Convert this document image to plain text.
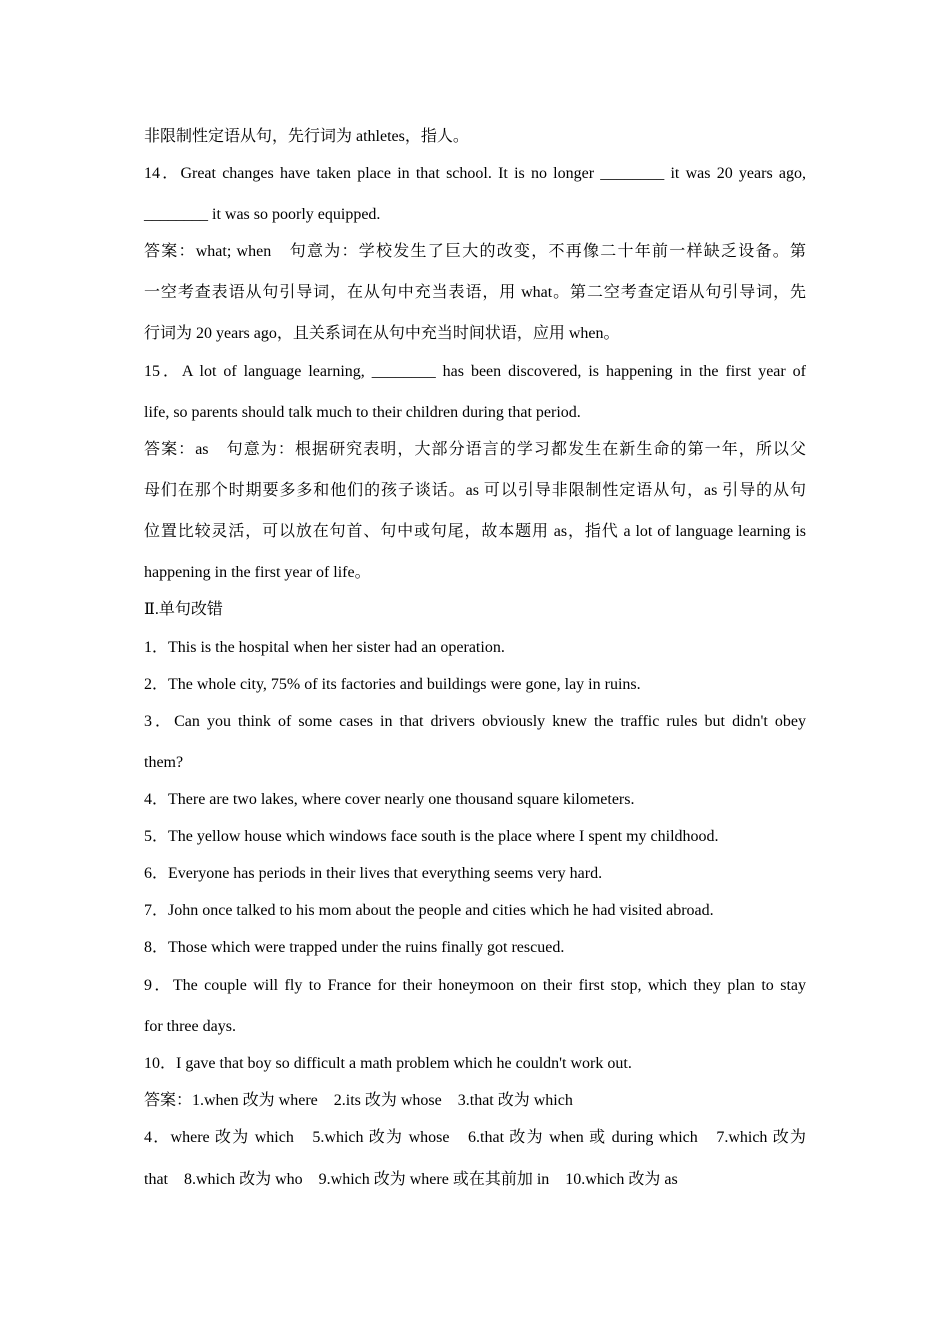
非限制性定语从句，先行词为 athletes，指人。
14．Great changes have taken place in that school. It is no longer ________ it was 20 years ago,
________ it was so poorly equipped.
答案：what; when　句意为：学校发生了巨大的改变，不再像二十年前一样缺乏设备。第
一空考查表语从句引导词，在从句中充当表语，用 what。第二空考查定语从句引导词，先
行词为 20 years ago，且关系词在从句中充当时间状语，应用 when。
15．A lot of language learning, ________ has been discovered, is happening in the first year of
life, so parents should talk much to their children during that period.
答案：as　句意为：根据研究表明，大部分语言的学习都发生在新生命的第一年，所以父
母们在那个时期要多多和他们的孩子谈话。as 可以引导非限制性定语从句，as 引导的从句
位置比较灵活，可以放在句首、句中或句尾，故本题用 as，指代 a lot of language learning is
happening in the first year of life。
Ⅱ.单句改错
1．This is the hospital when her sister had an operation.
2．The whole city, 75% of its factories and buildings were gone, lay in ruins.
3．Can you think of some cases in that drivers obviously knew the traffic rules but didn't obey
them?
4．There are two lakes, where cover nearly one thousand square kilometers.
5．The yellow house which windows face south is the place where I spent my childhood.
6．Everyone has periods in their lives that everything seems very hard.
7．John once talked to his mom about the people and cities which he had visited abroad.
8．Those which were trapped under the ruins finally got rescued.
9．The couple will fly to France for their honeymoon on their first stop, which they plan to stay
for three days.
10．I gave that boy so difficult a math problem which he couldn't work out.
答案：1.when 改为 where　2.its 改为 whose　3.that 改为 which
4．where 改为 which　5.which 改为 whose　6.that 改为 when 或 during which　7.which 改为
that　8.which 改为 who　9.which 改为 where 或在其前加 in　10.which 改为 as
